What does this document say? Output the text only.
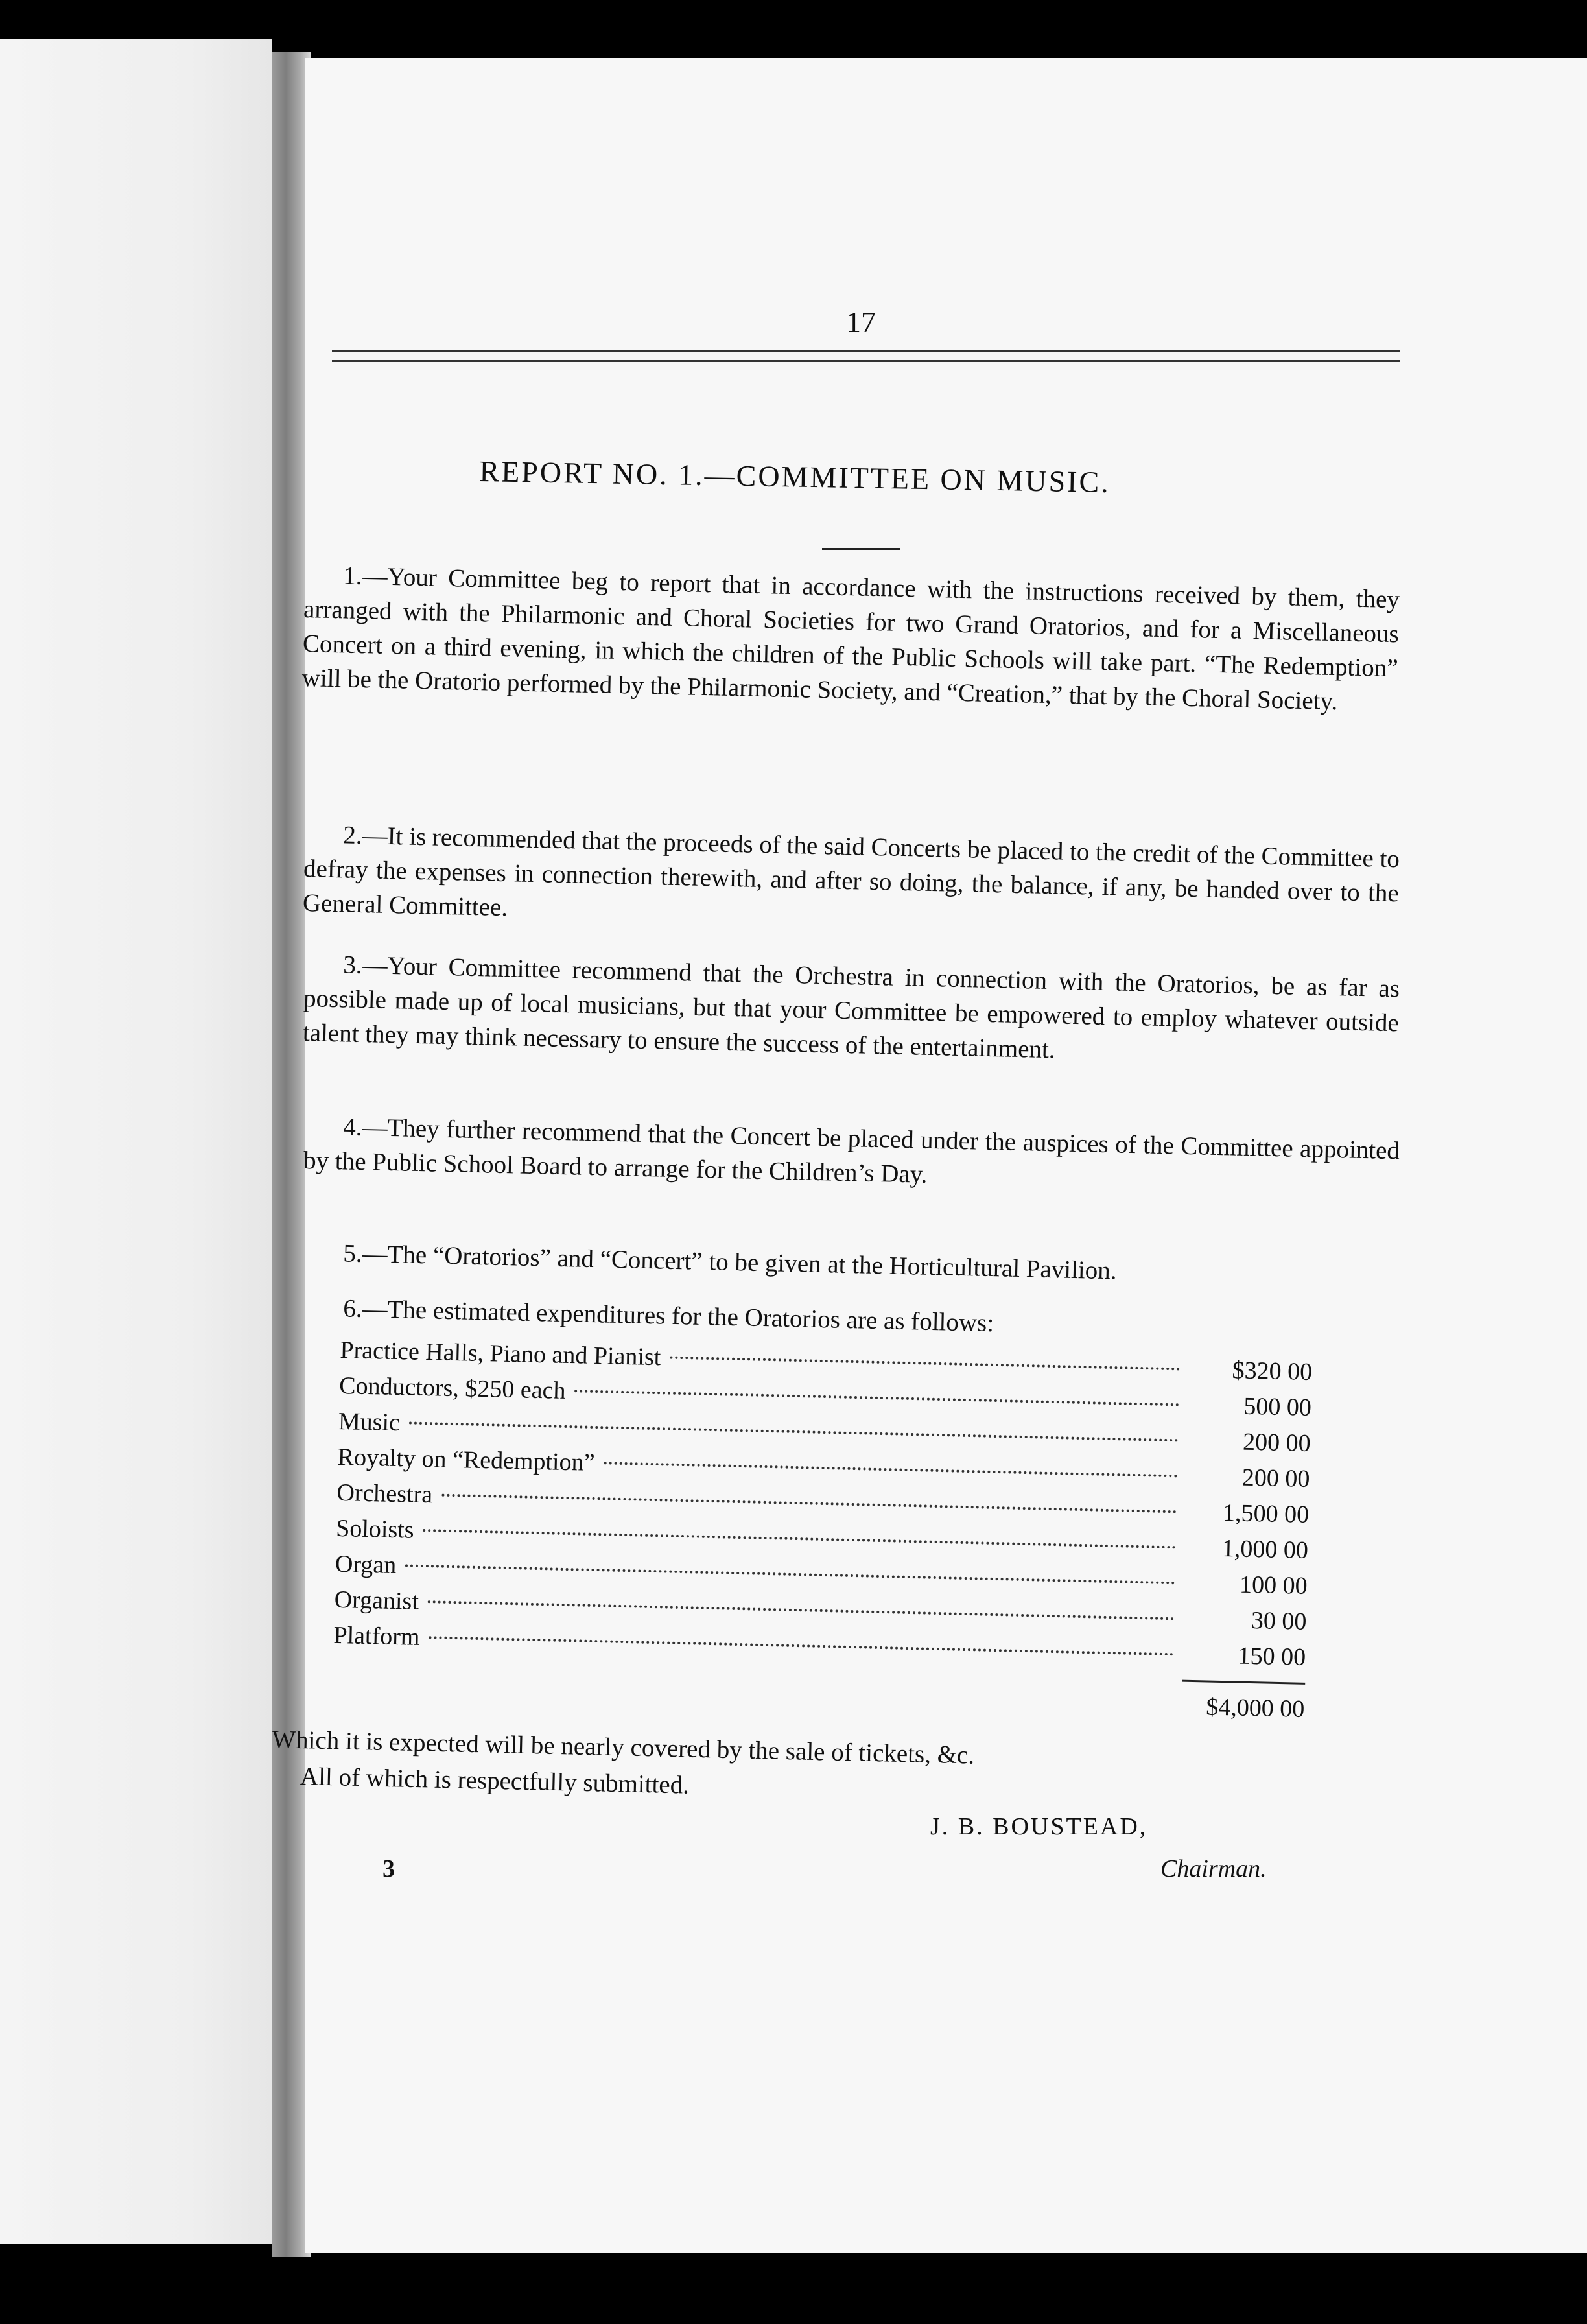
17
REPORT NO. 1.—COMMITTEE ON MUSIC.

1.—Your Committee beg to report that in accordance with the instructions received by them, they arranged with the Philarmonic and Choral Societies for two Grand Oratorios, and for a Miscellaneous Concert on a third evening, in which the children of the Public Schools will take part. “The Redemption” will be the Oratorio performed by the Philarmonic Society, and “Creation,” that by the Choral Society.

2.—It is recommended that the proceeds of the said Concerts be placed to the credit of the Committee to defray the expenses in connection therewith, and after so doing, the balance, if any, be handed over to the General Committee.

3.—Your Committee recommend that the Orchestra in connection with the Oratorios, be as far as possible made up of local musicians, but that your Committee be empowered to employ whatever outside talent they may think necessary to ensure the success of the entertainment.

4.—They further recommend that the Concert be placed under the auspices of the Committee appointed by the Public School Board to arrange for the Children’s Day.

5.—The “Oratorios” and “Concert” to be given at the Horticultural Pavilion.

6.—The estimated expenditures for the Oratorios are as follows:

Practice Halls, Piano and Pianist
$320 00
Conductors, $250 each
500 00
Music
200 00
Royalty on “Redemption”
200 00
Orchestra
1,500 00
Soloists
1,000 00
Organ
100 00
Organist
30 00
Platform
150 00
$4,000 00
Which it is expected will be nearly covered by the sale of tickets, &c.
All of which is respectfully submitted.
J. B. BOUSTEAD,
Chairman.
3
